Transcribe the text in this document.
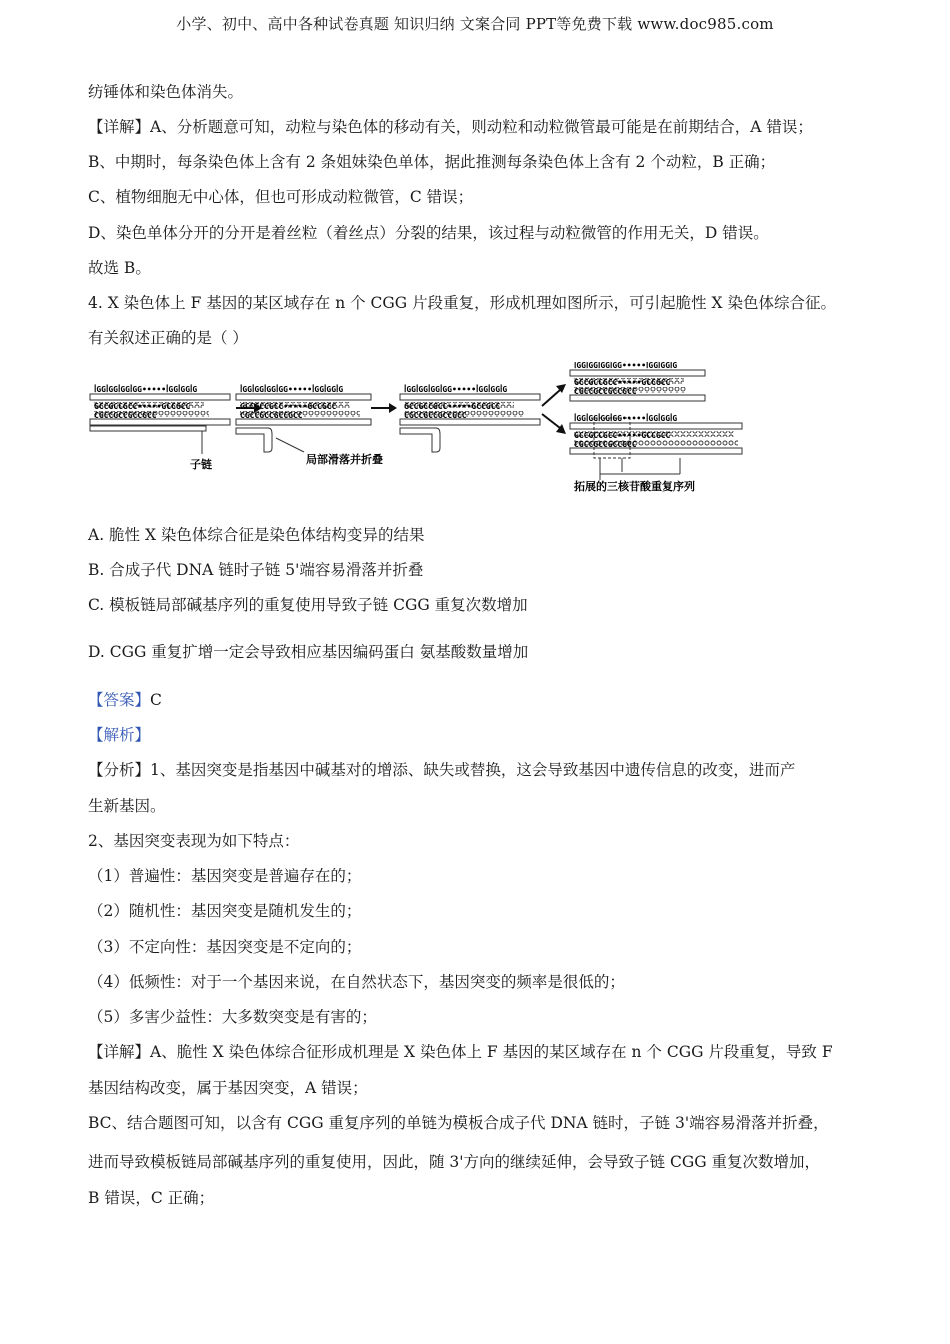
小学、初中、高中各种试卷真题 知识归纳 文案合同 PPT等免费下载 www.doc985.com
纺锤体和染色体消失。
【详解】A、分析题意可知，动粒与染色体的移动有关，则动粒和动粒微管最可能是在前期结合，A 错误；
B、中期时，每条染色体上含有 2 条姐妹染色单体，据此推测每条染色体上含有 2 个动粒，B 正确；
C、植物细胞无中心体，但也可形成动粒微管，C 错误；
D、染色单体分开的分开是着丝粒（着丝点）分裂的结果，该过程与动粒微管的作用无关，D 错误。
故选 B。
4. X 染色体上 F 基因的某区域存在 n 个 CGG 片段重复，形成机理如图所示，可引起脆性 X 染色体综合征。
有关叙述正确的是（ ）
子链	局部滑落并折叠
拓展的三核苷酸重复序列
ꟾGGꟾGGꟾGGꟾGG•••••ꟾGGꟾGGꟾG
GCCGCCGCC•••••GCCGCC
CGCCGCCGCCGCC
ꟾGGꟾGGꟾGGꟾGG•••••ꟾGGꟾGGꟾG
GCCGCCGCC•••••GCCGCC
CGCCGCCGCCGCC
ꟾGGꟾGGꟾGGꟾGG•••••ꟾGGꟾGGꟾG
GCCGCCGCC•••••GCCGCC
CGCCGCCGCCGCC
ꟾGGꟾGGꟾGGꟾGG•••••ꟾGGꟾGGꟾG
GCCGCCGCC•••••GCCGCC
CGCCGCCGCCGCC
ꟾGGꟾGGꟾGGꟾGG•••••ꟾGGꟾGGꟾG
GCCGCCGCC•••••GCCGCC
CGCCGCCGCCGCC
A. 脆性 X 染色体综合征是染色体结构变异的结果
B. 合成子代 DNA 链时子链 5'端容易滑落并折叠
C. 模板链局部碱基序列的重复使用导致子链 CGG 重复次数增加
D. CGG 重复扩增一定会导致相应基因编码蛋白 氨基酸数量增加
【答案】C
【解析】
【分析】1、基因突变是指基因中碱基对的增添、缺失或替换，这会导致基因中遗传信息的改变，进而产
生新基因。
2、基因突变表现为如下特点：
（1）普遍性：基因突变是普遍存在的；
（2）随机性：基因突变是随机发生的；
（3）不定向性：基因突变是不定向的；
（4）低频性：对于一个基因来说，在自然状态下，基因突变的频率是很低的；
（5）多害少益性：大多数突变是有害的；
【详解】A、脆性 X 染色体综合征形成机理是 X 染色体上 F 基因的某区域存在 n 个 CGG 片段重复，导致 F
基因结构改变，属于基因突变，A 错误；
BC、结合题图可知，以含有 CGG 重复序列的单链为模板合成子代 DNA 链时，子链 3'端容易滑落并折叠，
进而导致模板链局部碱基序列的重复使用，因此，随 3'方向的继续延伸，会导致子链 CGG 重复次数增加，
B 错误，C 正确；
